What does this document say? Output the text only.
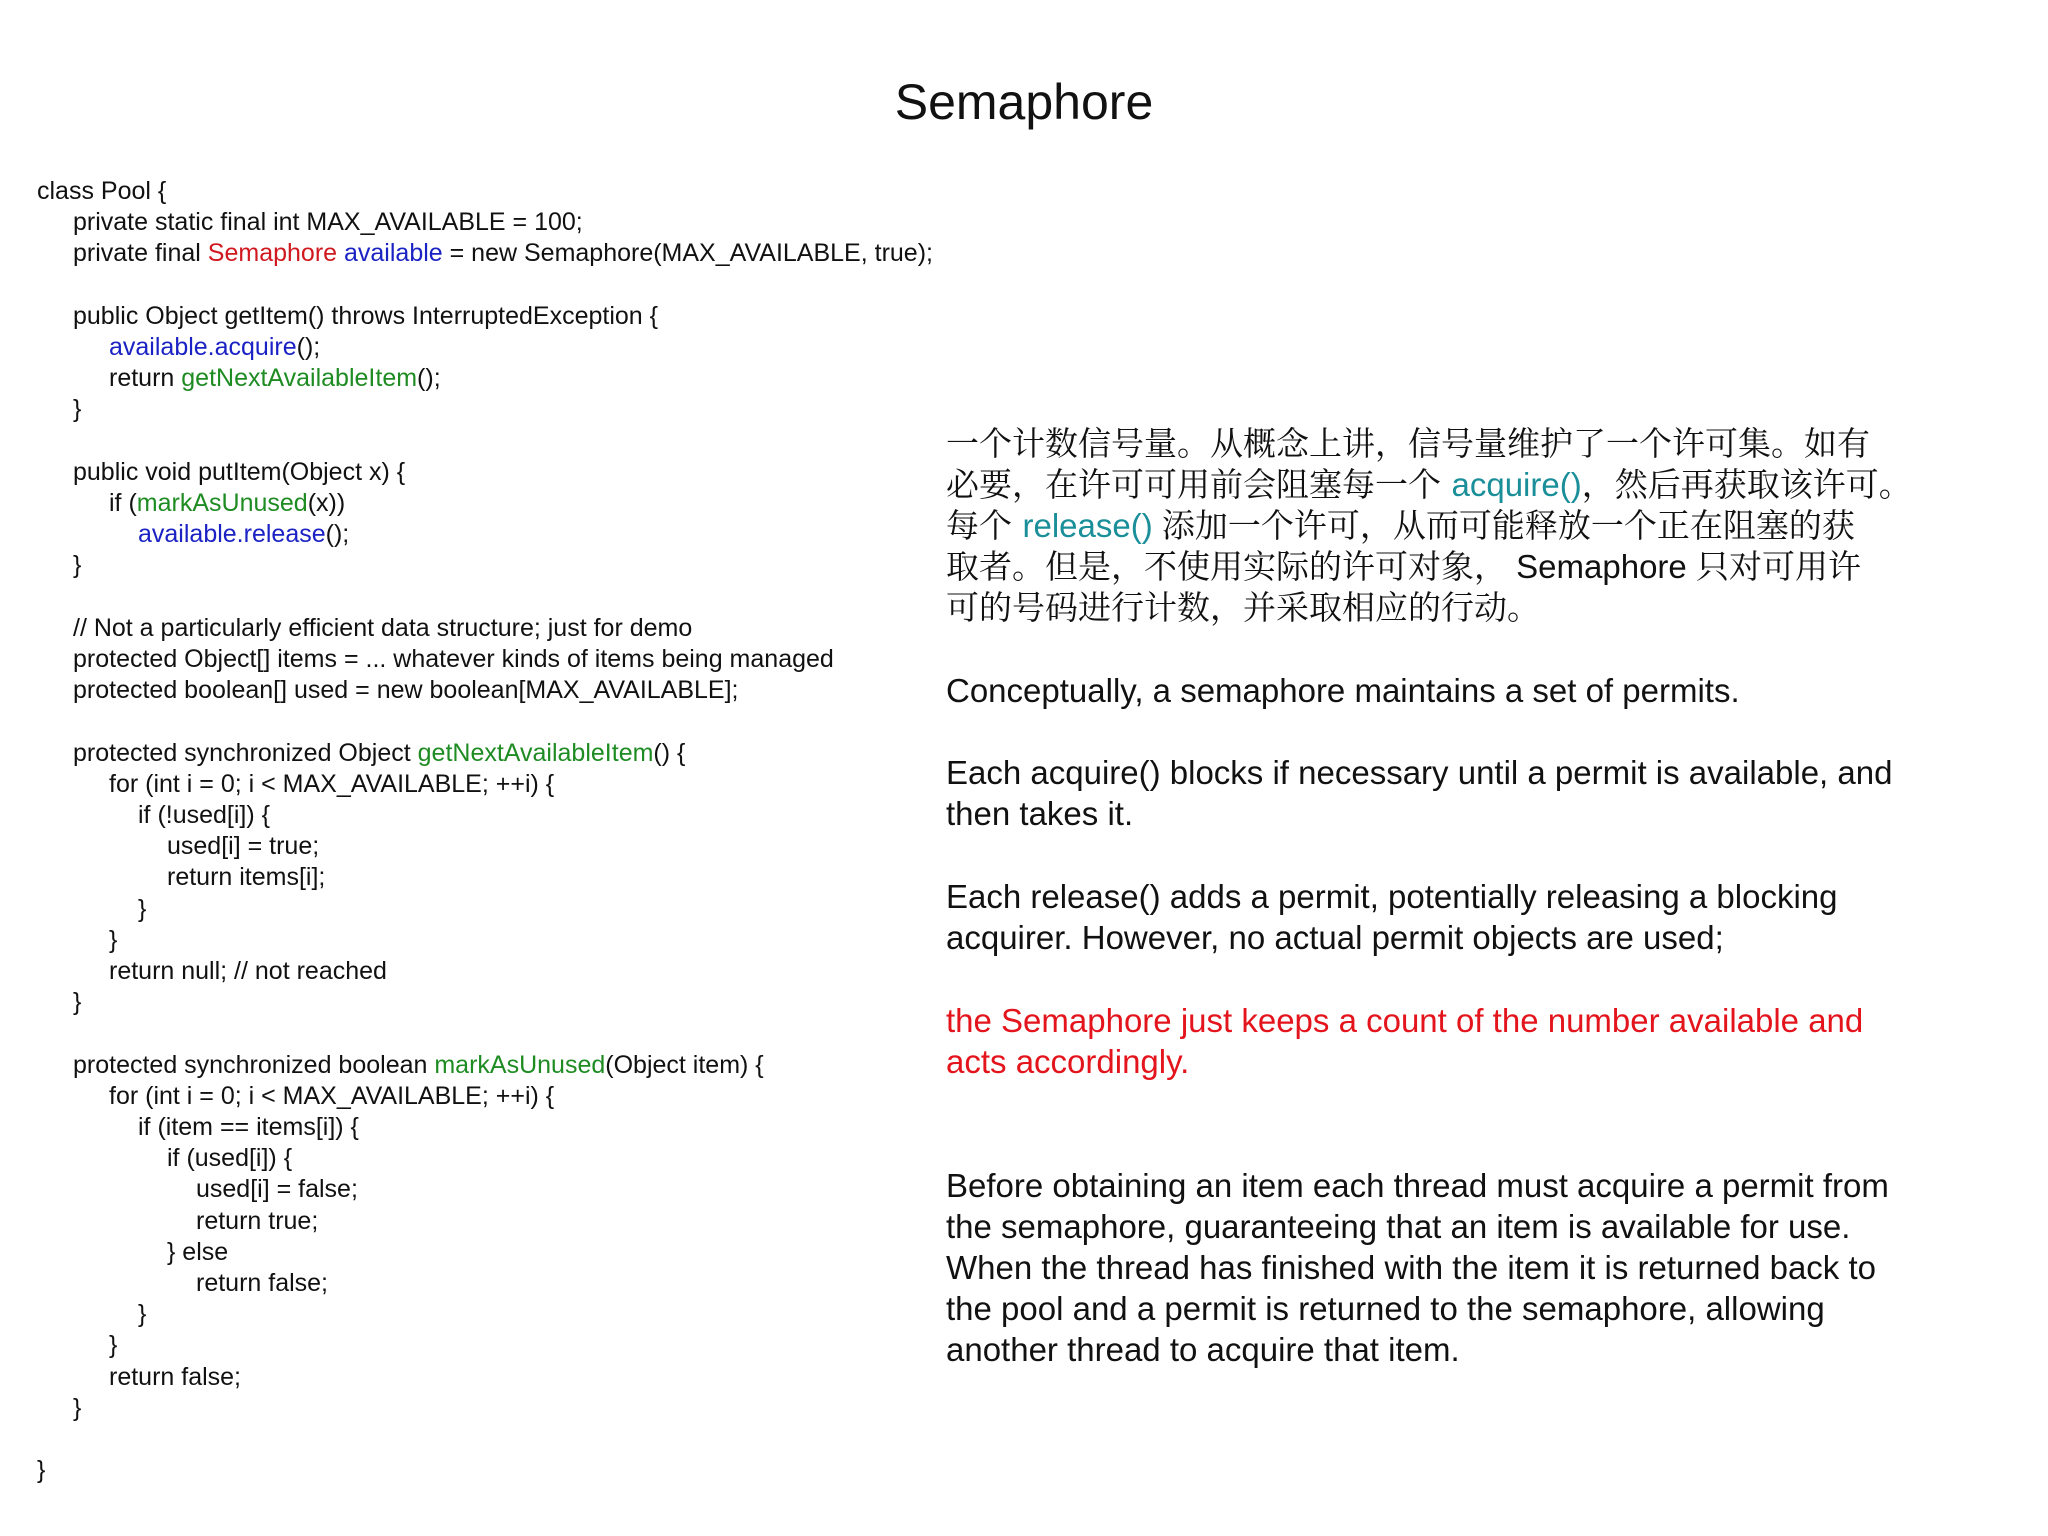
Semaphore
class Pool {
private static final int MAX_AVAILABLE = 100;
private final Semaphore available = new Semaphore(MAX_AVAILABLE, true);
public Object getItem() throws InterruptedException {
available.acquire();
return getNextAvailableItem();
}
public void putItem(Object x) {
if (markAsUnused(x))
available.release();
}
// Not a particularly efficient data structure; just for demo
protected Object[] items = ... whatever kinds of items being managed
protected boolean[] used = new boolean[MAX_AVAILABLE];
protected synchronized Object getNextAvailableItem() {
for (int i = 0; i < MAX_AVAILABLE; ++i) {
if (!used[i]) {
used[i] = true;
return items[i];
}
}
return null; // not reached
}
protected synchronized boolean markAsUnused(Object item) {
for (int i = 0; i < MAX_AVAILABLE; ++i) {
if (item == items[i]) {
if (used[i]) {
used[i] = false;
return true;
} else
return false;
}
}
return false;
}
}
一个计数信号量。从概念上讲，信号量维护了一个许可集。如有
必要，在许可可用前会阻塞每一个 acquire()，然后再获取该许可。
每个 release() 添加一个许可，从而可能释放一个正在阻塞的获
取者。但是，不使用实际的许可对象， Semaphore 只对可用许
可的号码进行计数，并采取相应的行动。
Conceptually, a semaphore maintains a set of permits.
Each acquire() blocks if necessary until a permit is available, and
then takes it.
Each release() adds a permit, potentially releasing a blocking
acquirer. However, no actual permit objects are used;
the Semaphore just keeps a count of the number available and
acts accordingly.
Before obtaining an item each thread must acquire a permit from
the semaphore, guaranteeing that an item is available for use.
When the thread has finished with the item it is returned back to
the pool and a permit is returned to the semaphore, allowing
another thread to acquire that item.
